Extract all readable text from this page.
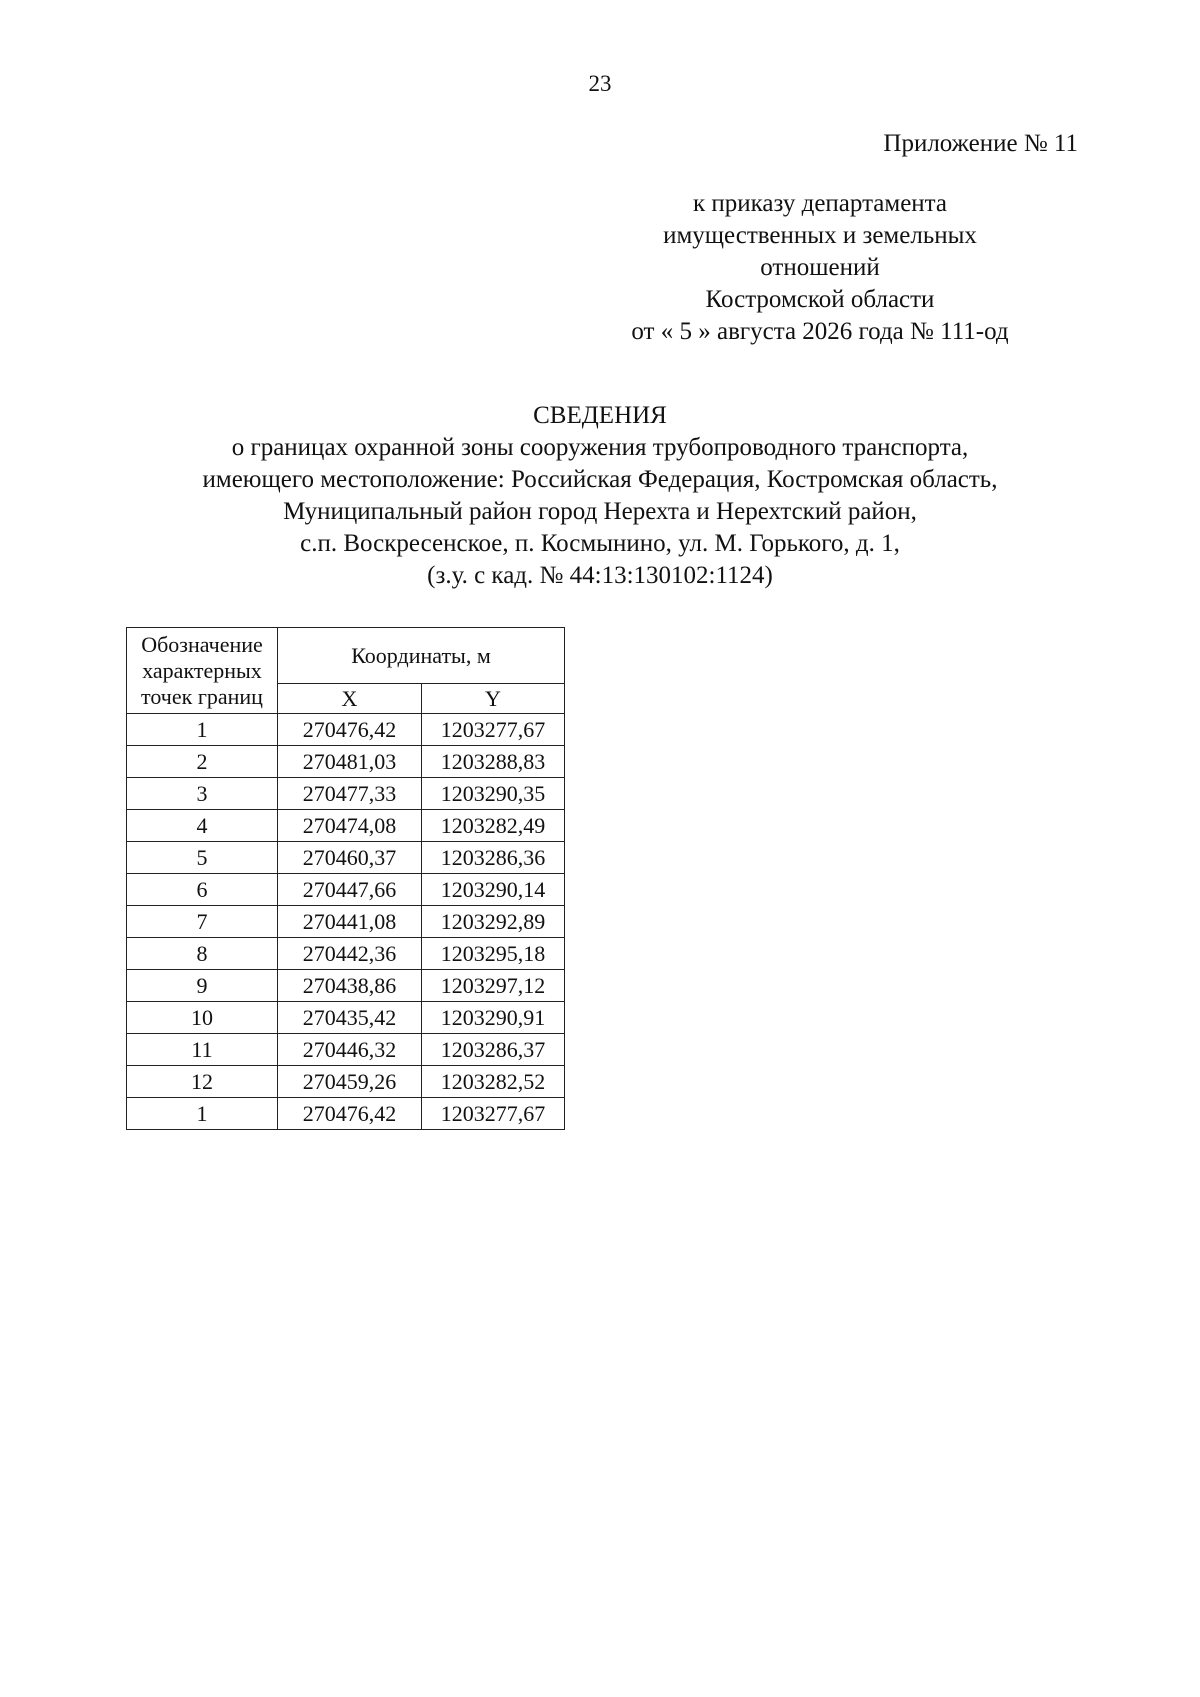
23
Приложение № 11
к приказу департамента
имущественных и земельных
отношений
Костромской области
от « 5 » августа 2026 года № 111-од
СВЕДЕНИЯ
о границах охранной зоны сооружения трубопроводного транспорта,
имеющего местоположение: Российская Федерация, Костромская область,
Муниципальный район город Нерехта и Нерехтский район,
с.п. Воскресенское, п. Космынино, ул. М. Горького, д. 1,
(з.у. с кад. № 44:13:130102:1124)
Обозначение характерных точек границ	Координаты, м	
	X	Y
1	270476,42	1203277,67
2	270481,03	1203288,83
3	270477,33	1203290,35
4	270474,08	1203282,49
5	270460,37	1203286,36
6	270447,66	1203290,14
7	270441,08	1203292,89
8	270442,36	1203295,18
9	270438,86	1203297,12
10	270435,42	1203290,91
11	270446,32	1203286,37
12	270459,26	1203282,52
1	270476,42	1203277,67
